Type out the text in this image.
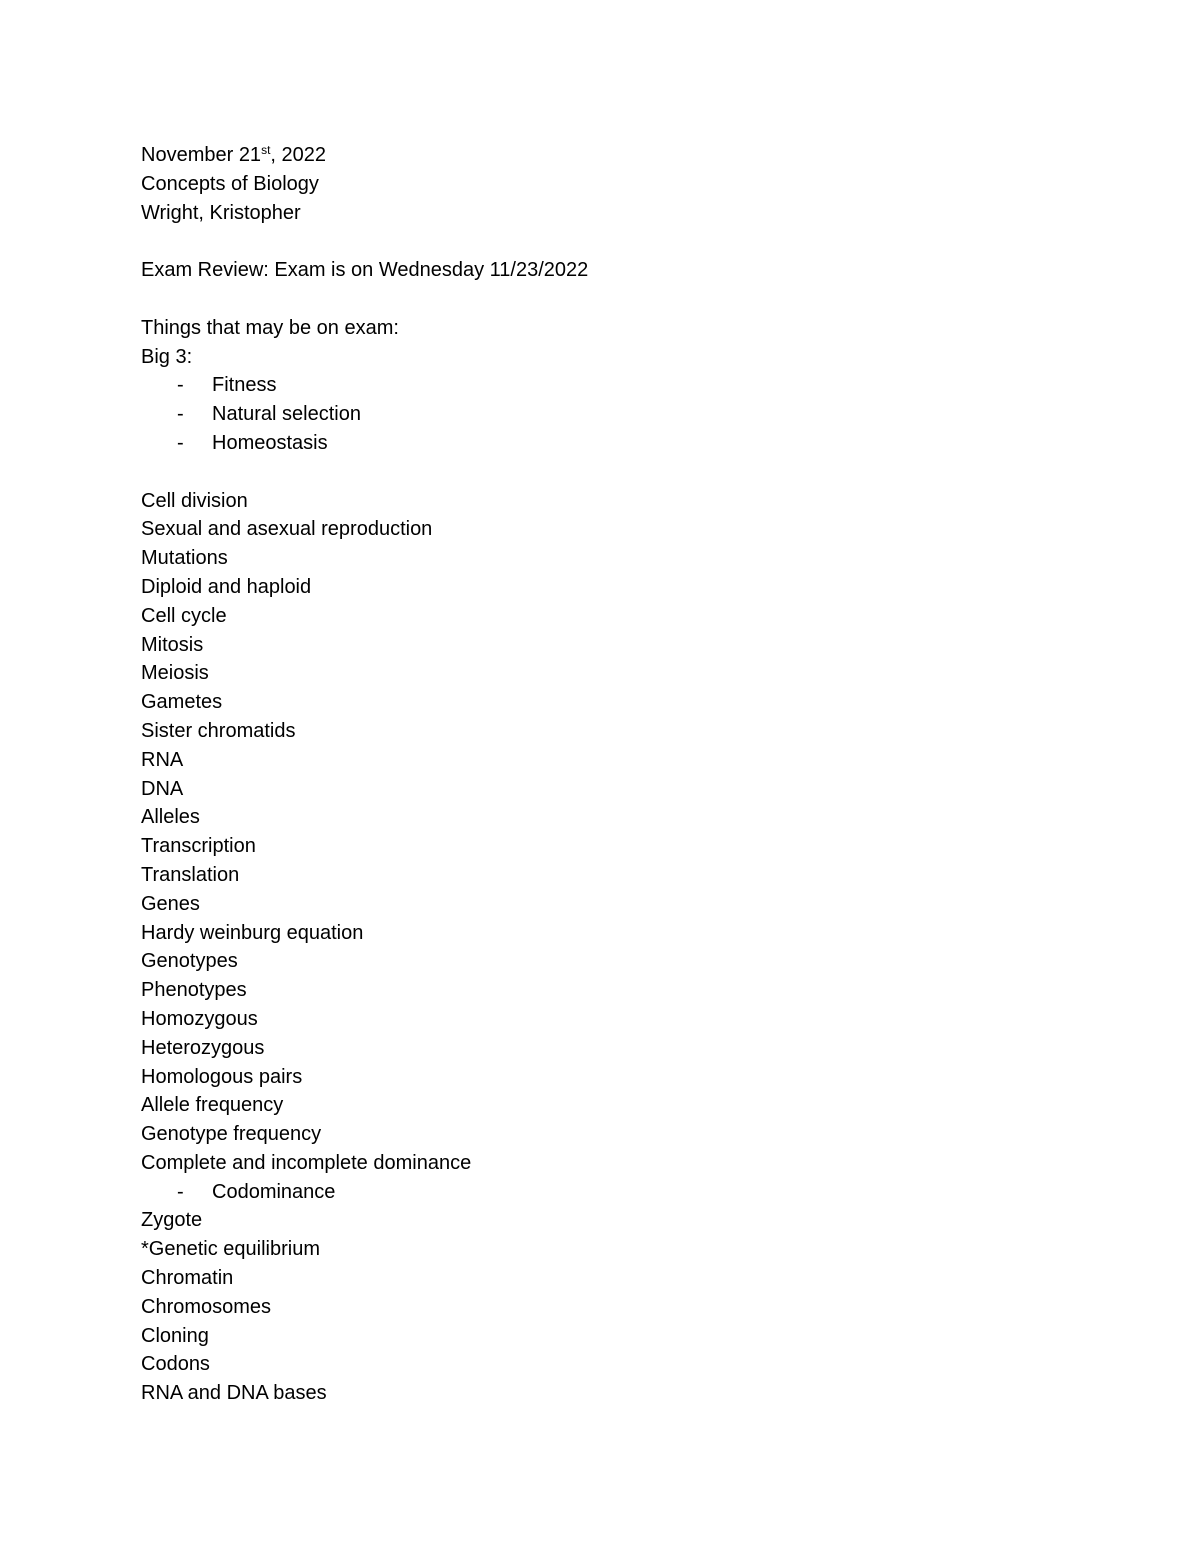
November 21st, 2022
Concepts of Biology
Wright, Kristopher
Exam Review: Exam is on Wednesday 11/23/2022
Things that may be on exam:
Big 3:
- Fitness
- Natural selection
- Homeostasis
Cell division
Sexual and asexual reproduction
Mutations
Diploid and haploid
Cell cycle
Mitosis
Meiosis
Gametes
Sister chromatids
RNA
DNA
Alleles
Transcription
Translation
Genes
Hardy weinburg equation
Genotypes
Phenotypes
Homozygous
Heterozygous
Homologous pairs
Allele frequency
Genotype frequency
Complete and incomplete dominance
- Codominance
Zygote
*Genetic equilibrium
Chromatin
Chromosomes
Cloning
Codons
RNA and DNA bases
